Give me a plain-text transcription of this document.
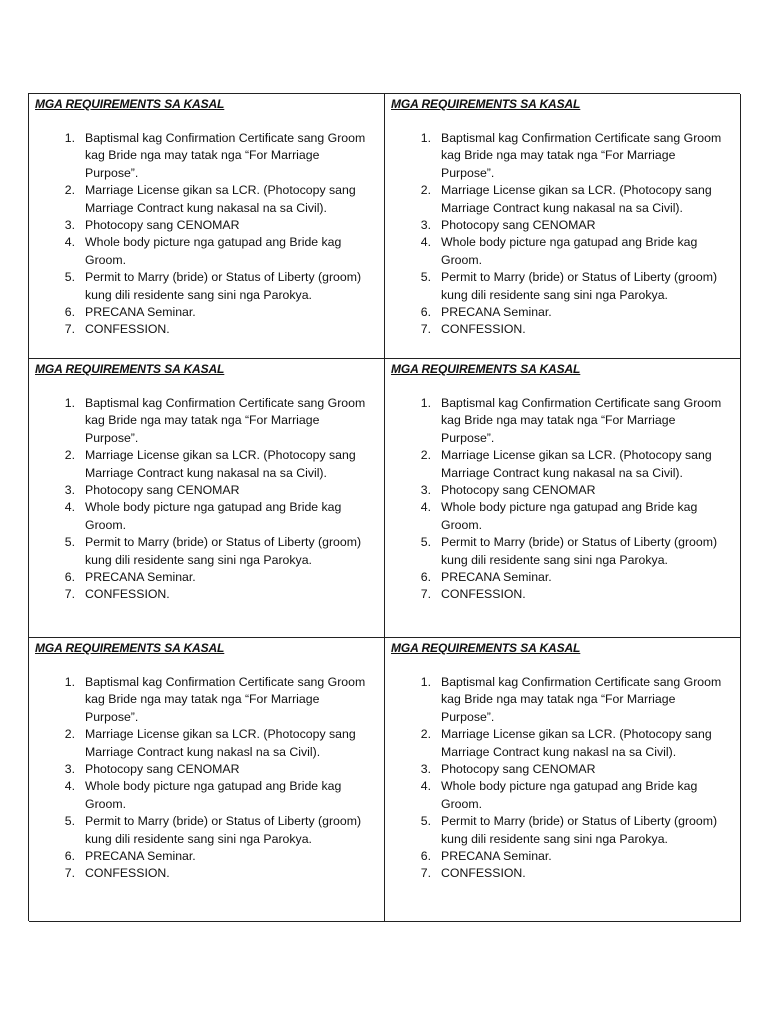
MGA REQUIREMENTS SA KASAL
1. Baptismal kag Confirmation Certificate sang Groom kag Bride nga may tatak nga “For Marriage Purpose”.
2. Marriage License gikan sa LCR. (Photocopy sang Marriage Contract kung nakasal na sa Civil).
3. Photocopy sang CENOMAR
4. Whole body picture nga gatupad ang Bride kag Groom.
5. Permit to Marry (bride) or Status of Liberty (groom) kung dili residente sang sini nga Parokya.
6. PRECANA Seminar.
7. CONFESSION.
MGA REQUIREMENTS SA KASAL
1. Baptismal kag Confirmation Certificate sang Groom kag Bride nga may tatak nga “For Marriage Purpose”.
2. Marriage License gikan sa LCR. (Photocopy sang Marriage Contract kung nakasal na sa Civil).
3. Photocopy sang CENOMAR
4. Whole body picture nga gatupad ang Bride kag Groom.
5. Permit to Marry (bride) or Status of Liberty (groom) kung dili residente sang sini nga Parokya.
6. PRECANA Seminar.
7. CONFESSION.
MGA REQUIREMENTS SA KASAL
1. Baptismal kag Confirmation Certificate sang Groom kag Bride nga may tatak nga “For Marriage Purpose”.
2. Marriage License gikan sa LCR. (Photocopy sang Marriage Contract kung nakasal na sa Civil).
3. Photocopy sang CENOMAR
4. Whole body picture nga gatupad ang Bride kag Groom.
5. Permit to Marry (bride) or Status of Liberty (groom) kung dili residente sang sini nga Parokya.
6. PRECANA Seminar.
7. CONFESSION.
MGA REQUIREMENTS SA KASAL
1. Baptismal kag Confirmation Certificate sang Groom kag Bride nga may tatak nga “For Marriage Purpose”.
2. Marriage License gikan sa LCR. (Photocopy sang Marriage Contract kung nakasal na sa Civil).
3. Photocopy sang CENOMAR
4. Whole body picture nga gatupad ang Bride kag Groom.
5. Permit to Marry (bride) or Status of Liberty (groom) kung dili residente sang sini nga Parokya.
6. PRECANA Seminar.
7. CONFESSION.
MGA REQUIREMENTS SA KASAL
1. Baptismal kag Confirmation Certificate sang Groom kag Bride nga may tatak nga “For Marriage Purpose”.
2. Marriage License gikan sa LCR. (Photocopy sang Marriage Contract kung nakasl na sa Civil).
3. Photocopy sang CENOMAR
4. Whole body picture nga gatupad ang Bride kag Groom.
5. Permit to Marry (bride) or Status of Liberty (groom) kung dili residente sang sini nga Parokya.
6. PRECANA Seminar.
7. CONFESSION.
MGA REQUIREMENTS SA KASAL
1. Baptismal kag Confirmation Certificate sang Groom kag Bride nga may tatak nga “For Marriage Purpose”.
2. Marriage License gikan sa LCR. (Photocopy sang Marriage Contract kung nakasl na sa Civil).
3. Photocopy sang CENOMAR
4. Whole body picture nga gatupad ang Bride kag Groom.
5. Permit to Marry (bride) or Status of Liberty (groom) kung dili residente sang sini nga Parokya.
6. PRECANA Seminar.
7. CONFESSION.
